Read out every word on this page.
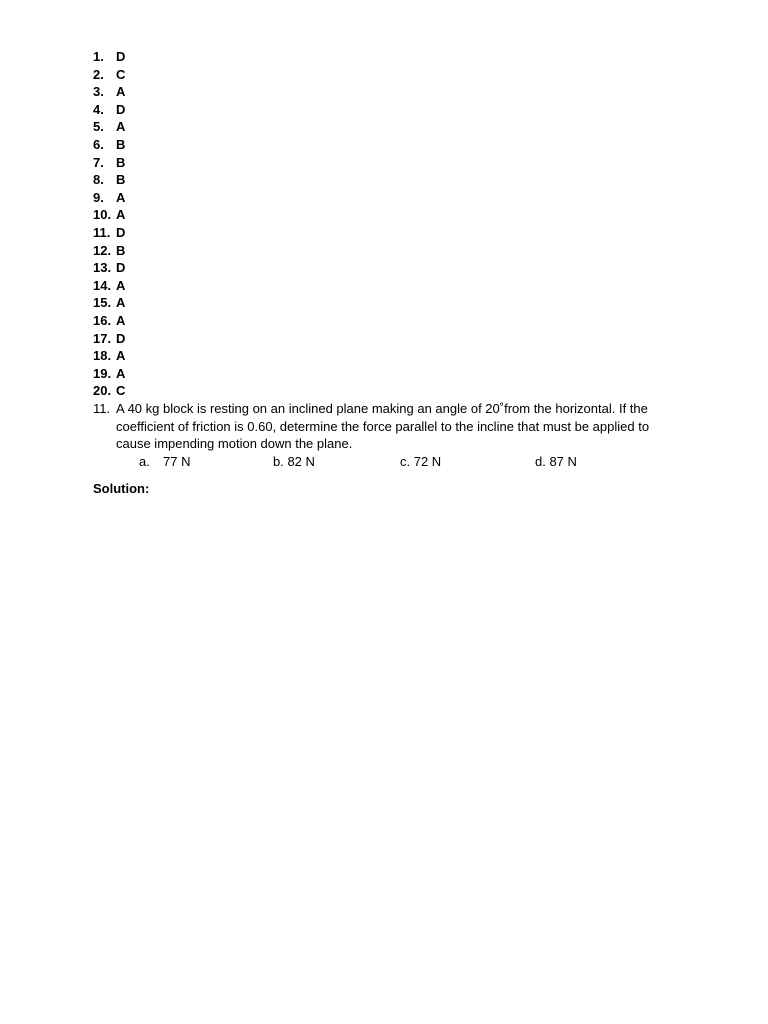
1. D
2. C
3. A
4. D
5. A
6. B
7. B
8. B
9. A
10. A
11. D
12. B
13. D
14. A
15. A
16. A
17. D
18. A
19. A
20. C
11. A 40 kg block is resting on an inclined plane making an angle of 20˚from the horizontal. If the coefficient of friction is 0.60, determine the force parallel to the incline that must be applied to cause impending motion down the plane.
a. 77 N	b. 82 N	c. 72 N	d. 87 N
Solution:
